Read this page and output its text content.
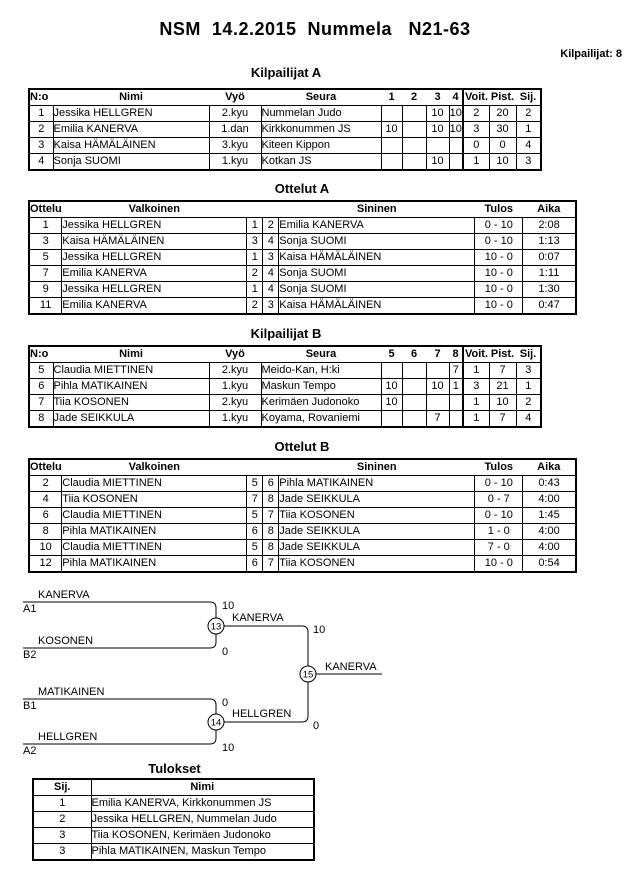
NSM  14.2.2015  Nummela   N21-63
Kilpailijat: 8
Kilpailijat A
N:o	Nimi	Vyö	Seura	1	2	3	4	Voit.	Pist.	Sij.
1	Jessika HELLGREN	2.kyu	Nummelan Judo			10	10	2	20	2
2	Emilia KANERVA	1.dan	Kirkkonummen JS	10		10	10	3	30	1
3	Kaisa HÄMÄLÄINEN	3.kyu	Kiteen Kippon					0	0	4
4	Sonja SUOMI	1.kyu	Kotkan JS			10		1	10	3
Ottelut A
Ottelu	Valkoinen			Sininen	Tulos	Aika
1	Jessika HELLGREN	1	2	Emilia KANERVA	0 - 10	2:08
3	Kaisa HÄMÄLÄINEN	3	4	Sonja SUOMI	0 - 10	1:13
5	Jessika HELLGREN	1	3	Kaisa HÄMÄLÄINEN	10 - 0	0:07
7	Emilia KANERVA	2	4	Sonja SUOMI	10 - 0	1:11
9	Jessika HELLGREN	1	4	Sonja SUOMI	10 - 0	1:30
11	Emilia KANERVA	2	3	Kaisa HÄMÄLÄINEN	10 - 0	0:47
Kilpailijat B
N:o	Nimi	Vyö	Seura	5	6	7	8	Voit.	Pist.	Sij.
5	Claudia MIETTINEN	2.kyu	Meido-Kan, H:ki				7	1	7	3
6	Pihla MATIKAINEN	1.kyu	Maskun Tempo	10		10	1	3	21	1
7	Tiia KOSONEN	2.kyu	Kerimäen Judonoko	10				1	10	2
8	Jade SEIKKULA	1.kyu	Koyama, Rovaniemi			7		1	7	4
Ottelut B
Ottelu	Valkoinen			Sininen	Tulos	Aika
2	Claudia MIETTINEN	5	6	Pihla MATIKAINEN	0 - 10	0:43
4	Tiia KOSONEN	7	8	Jade SEIKKULA	0 - 7	4:00
6	Claudia MIETTINEN	5	7	Tiia KOSONEN	0 - 10	1:45
8	Pihla MATIKAINEN	6	8	Jade SEIKKULA	1 - 0	4:00
10	Claudia MIETTINEN	5	8	Jade SEIKKULA	7 - 0	4:00
12	Pihla MATIKAINEN	6	7	Tiia KOSONEN	10 - 0	0:54
13
14
15
KANERVA
A1	10
KOSONEN
B2	0
MATIKAINEN
B1	0
HELLGREN
A2	10
KANERVA
10
HELLGREN
0
KANERVA
Tulokset
Sij.	Nimi
1	Emilia KANERVA, Kirkkonummen JS
2	Jessika HELLGREN, Nummelan Judo
3	Tiia KOSONEN, Kerimäen Judonoko
3	Pihla MATIKAINEN, Maskun Tempo
